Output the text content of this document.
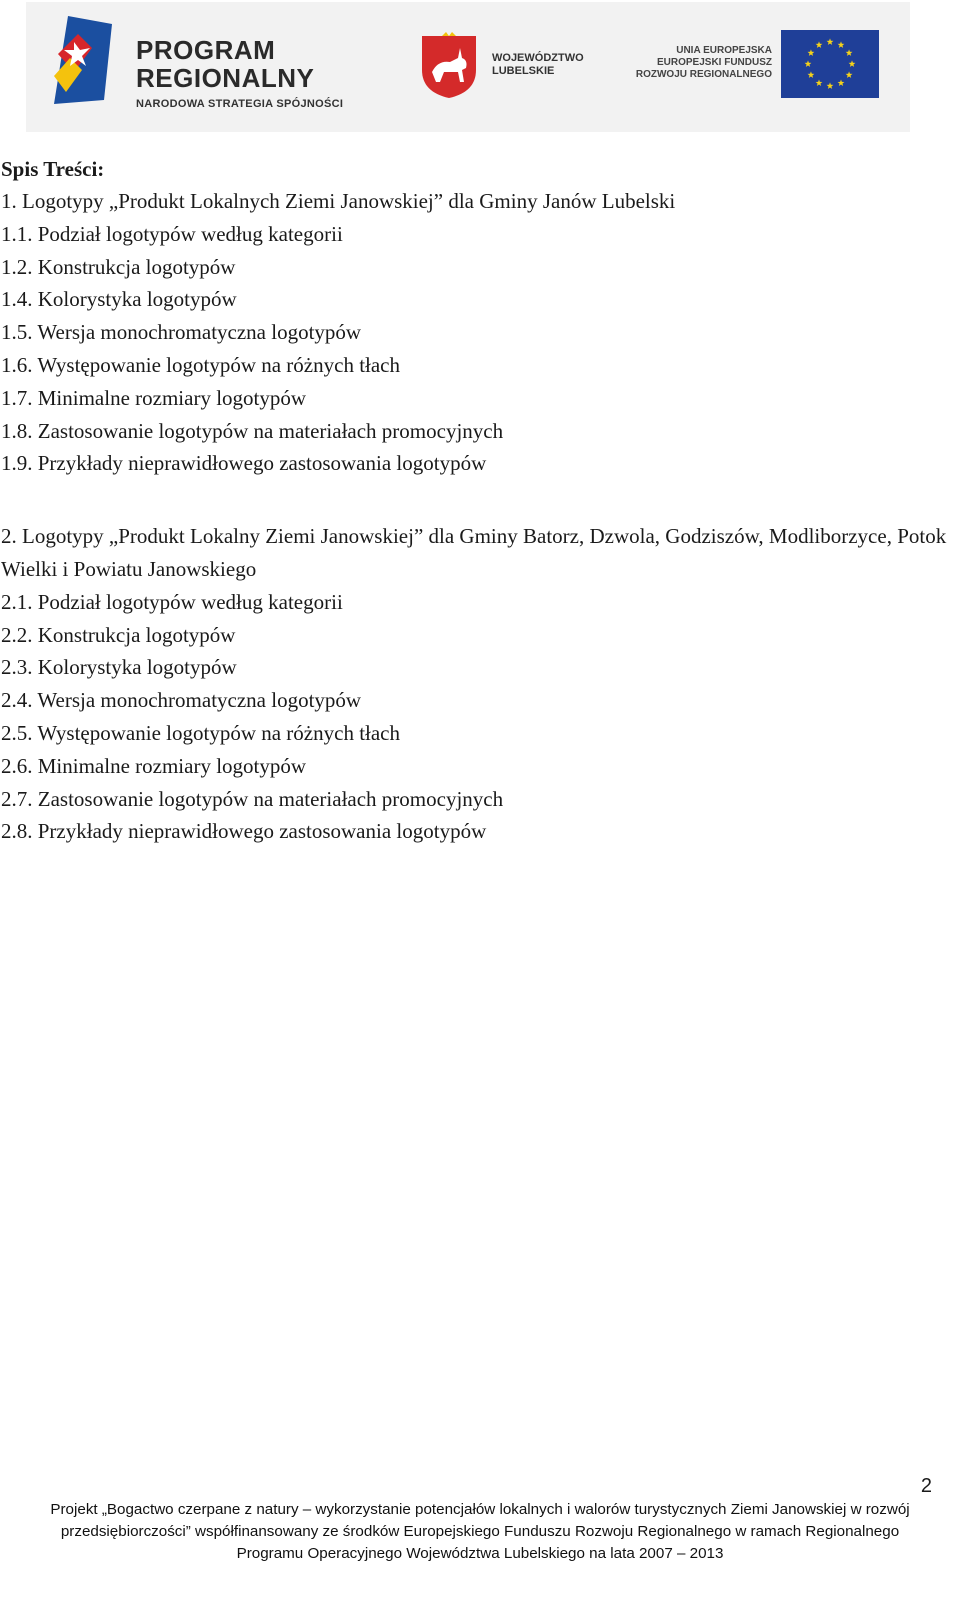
PROGRAM
REGIONALNY
NARODOWA STRATEGIA SPÓJNOŚCI
WOJEWÓDZTWO
LUBELSKIE
UNIA EUROPEJSKA
EUROPEJSKI FUNDUSZ
ROZWOJU REGIONALNEGO

Spis Treści:

1. Logotypy „Produkt Lokalnych Ziemi Janowskiej” dla Gminy Janów Lubelski

1.1. Podział logotypów według kategorii

1.2. Konstrukcja logotypów

1.4. Kolorystyka logotypów

1.5. Wersja monochromatyczna logotypów

1.6. Występowanie logotypów na różnych tłach

1.7. Minimalne rozmiary logotypów

1.8. Zastosowanie logotypów na materiałach promocyjnych

1.9. Przykłady nieprawidłowego zastosowania logotypów

2. Logotypy „Produkt Lokalny Ziemi Janowskiej” dla Gminy Batorz, Dzwola, Godziszów, Modliborzyce, Potok Wielki i Powiatu Janowskiego

2.1. Podział logotypów według kategorii

2.2. Konstrukcja logotypów

2.3. Kolorystyka logotypów

2.4. Wersja monochromatyczna logotypów

2.5. Występowanie logotypów na różnych tłach

2.6. Minimalne rozmiary logotypów

2.7. Zastosowanie logotypów na materiałach promocyjnych

2.8. Przykłady nieprawidłowego zastosowania logotypów

2
Projekt „Bogactwo czerpane z natury – wykorzystanie potencjałów lokalnych i walorów turystycznych Ziemi Janowskiej w rozwój
przedsiębiorczości” współfinansowany ze środków Europejskiego Funduszu Rozwoju Regionalnego w ramach Regionalnego
Programu Operacyjnego Województwa Lubelskiego na lata 2007 – 2013
